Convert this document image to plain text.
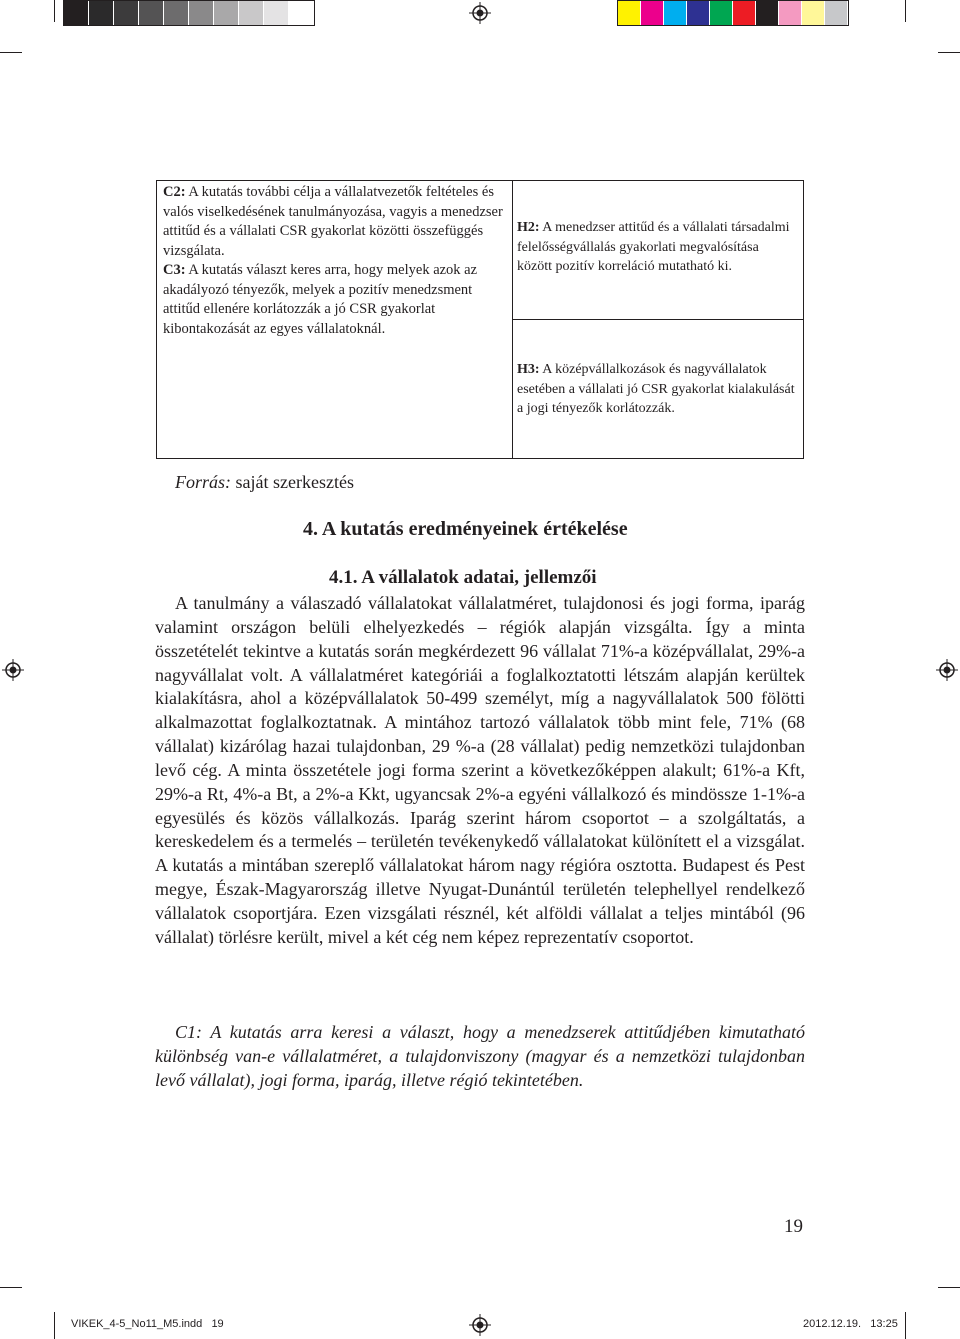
C2: A kutatás további célja a vállalatvezetők feltételes és valós viselkedésének tanulmányozása, vagyis a menedzser attitűd és a vállalati CSR gyakorlat közötti összefüggés vizsgálata.

C3: A kutatás választ keres arra, hogy melyek azok az akadályozó tényezők, melyek a pozitív menedzsment attitűd ellenére korlátozzák a jó CSR gyakorlat kibontakozását az egyes vállalatoknál.

H2: A menedzser attitűd és a vállalati társadalmi felelősségvállalás gyakorlati megvalósítása között pozitív korreláció mutatható ki.

H3: A középvállalkozások és nagyvállalatok esetében a vállalati jó CSR gyakorlat kialakulását a jogi tényezők korlátozzák.

Forrás: saját szerkesztés
4. A kutatás eredményeinek értékelése
4.1. A vállalatok adatai, jellemzői

A tanulmány a válaszadó vállalatokat vállalatméret, tulajdonosi és jogi forma, iparág valamint országon belüli elhelyezkedés – régiók alapján vizsgálta. Így a minta összetételét tekintve a kutatás során megkérdezett 96 vállalat 71%-a középvállalat, 29%-a nagyvállalat volt. A vállalatméret kategóriái a foglalkoztatotti létszám alapján kerültek kialakításra, ahol a középvállalatok 50-499 személyt, míg a nagyvállalatok 500 fölötti alkalmazottat foglalkoztatnak. A mintához tartozó vállalatok több mint fele, 71% (68 vállalat) kizárólag hazai tulajdonban, 29 %-a (28 vállalat) pedig nemzetközi tulajdonban levő cég. A minta összetétele jogi forma szerint a következőképpen alakult; 61%-a Kft, 29%-a Rt, 4%-a Bt, a 2%-a Kkt, ugyancsak 2%-a egyéni vállalkozó és mindössze 1-1%-a egyesülés és közös vállalkozás. Iparág szerint három csoportot – a szolgáltatás, a kereskedelem és a termelés – területén tevékenykedő vállalatokat különített el a vizsgálat. A kutatás a mintában szereplő vállalatokat három nagy régióra osztotta. Budapest és Pest megye, Észak-Magyarország illetve Nyugat-Dunántúl területén telephellyel rendelkező vállalatok csoportjára. Ezen vizsgálati résznél, két alföldi vállalat a teljes mintából (96 vállalat) törlésre került, mivel a két cég nem képez reprezentatív csoportot.

C1: A kutatás arra keresi a választ, hogy a menedzserek attitűdjében kimutatható különbség van-e vállalatméret, a tulajdonviszony (magyar és a nemzetközi tulajdonban levő vállalat), jogi forma, iparág, illetve régió tekintetében.

19
VIKEK_4-5_No11_M5.indd   19	2012.12.19.   13:25
